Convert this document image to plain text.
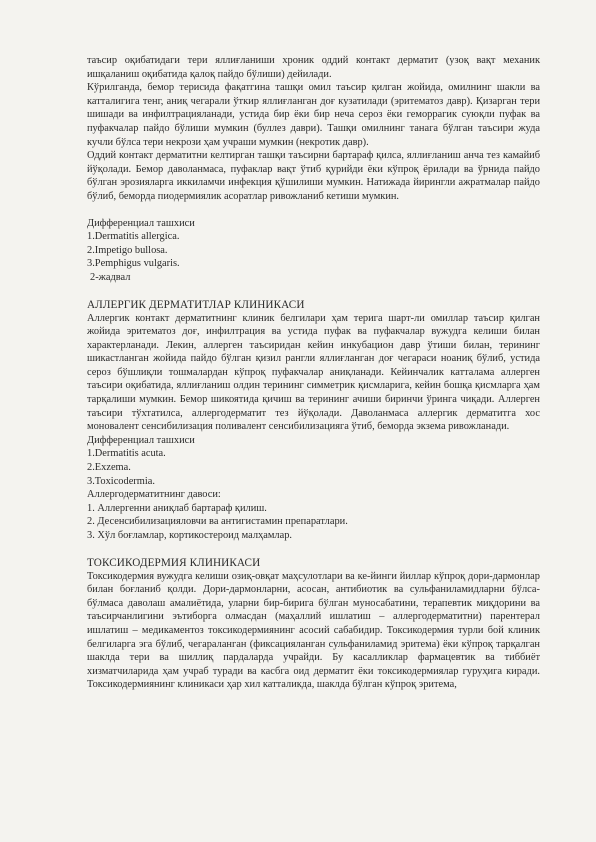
таъсир оқибатидаги тери яллиғланиши хроник оддий контакт дерматит (узоқ вақт механик ишқаланиш оқибатида қалоқ пайдо бўлиши) дейилади.

Кўрилганда, бемор терисида фақатгина ташқи омил таъсир қилган жойида, омилнинг шакли ва катталигига тенг, аниқ чегарали ўткир яллиғланган доғ кузатилади (эритематоз давр). Қизарган тери шишади ва инфилтрацияланади, устида бир ёки бир неча сероз ёки геморрагик суюқли пуфак ва пуфакчалар пайдо бўлиши мумкин (буллез даври). Ташқи омилнинг танага бўлган таъсири жуда кучли бўлса тери некрози ҳам учраши мумкин (некротик давр).

Оддий контакт дерматитни келтирган ташқи таъсирни бартараф қилса, яллиғланиш анча тез камайиб йўқолади. Бемор даволанмаса, пуфаклар вақт ўтиб қурийди ёки кўпроқ ёрилади ва ўрнида пайдо бўлган эрозияларга иккиламчи инфекция қўшилиши мумкин. Натижада йирингли ажратмалар пайдо бўлиб, беморда пиодермиялик асоратлар ривожланиб кетиши мумкин.

Дифференциал ташхиси

1.Dermatitis allergica.

2.Impetigo bullosa.

3.Pemphigus vulgaris.

2-жадвал

АЛЛЕРГИК ДЕРМАТИТЛАР КЛИНИКАСИ

Аллергик контакт дерматитнинг клиник белгилари ҳам терига шарт-ли омиллар таъсир қилган жойида эритематоз доғ, инфилтрация ва устида пуфак ва пуфакчалар вужудга келиши билан характерланади. Лекин, аллерген таъсиридан кейин инкубацион давр ўтиши билан, терининг шикастланган жойида пайдо бўлган қизил рангли яллиғланган доғ чегараси ноаниқ бўлиб, устида сероз бўшлиқли тошмалардан кўпроқ пуфакчалар аниқланади. Кейинчалик катталама аллерген таъсири оқибатида, яллиғланиш олдин терининг симметрик қисмларига, кейин бошқа қисмларга ҳам тарқалиши мумкин. Бемор шикоятида қичиш ва терининг ачиши биринчи ўринга чиқади. Аллерген таъсири тўхтатилса, аллергодерматит тез йўқолади. Даволанмаса аллергик дерматитга хос моновалент сенсибилизация поливалент сенсибилизацияга ўтиб, беморда экзема ривожланади.

Дифференциал ташхиси

1.Dermatitis acuta.

2.Exzema.

3.Toxicodermia.

Аллергодерматитнинг давоси:

1. Аллергенни аниқлаб бартараф қилиш.

2. Десенсибилизацияловчи ва антигистамин препаратлари.

3. Хўл боғламлар, кортикостероид малҳамлар.

ТОКСИКОДЕРМИЯ КЛИНИКАСИ

Токсикодермия вужудга келиши озиқ-овқат маҳсулотлари ва ке-йинги йиллар кўпроқ дори-дармонлар билан боғланиб қолди. Дори-дармонларни, асосан, антибиотик ва сульфаниламидларни бўлса-бўлмаса даволаш амалиётида, уларни бир-бирига бўлган муносабатини, терапевтик миқдорини ва таъсирчанлигини эътиборга олмасдан (маҳаллий ишлатиш – аллергодерматитни) парентерал ишлатиш – медикаментоз токсикодермиянинг асосий сабабидир. Токсикодермия турли бой клиник белгиларга эга бўлиб, чегараланган (фиксацияланган сульфаниламид эритема) ёки кўпроқ тарқалган шаклда тери ва шиллиқ пардаларда учрайди. Бу касалликлар фармацевтик ва тиббиёт хизматчиларида ҳам учраб туради ва касбга оид дерматит ёки токсикодермиялар гуруҳига киради. Токсикодермиянинг клиникаси ҳар хил катталикда, шаклда бўлган кўпроқ эритема,
